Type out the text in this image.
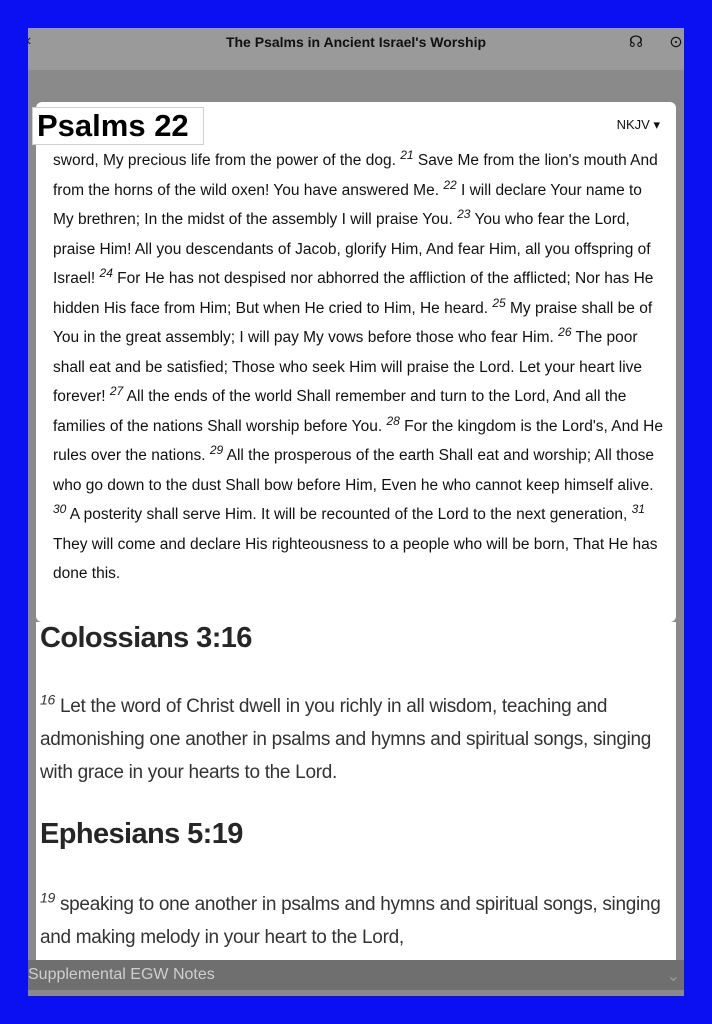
‹	The Psalms in Ancient Israel's Worship	☊ ⊙
Supplemental EGW Notes	⌄
Psalms 22	NKJV ▾
sword, My precious life from the power of the dog. $^{21}$ Save Me from the lion's mouth And from the horns of the wild oxen! You have answered Me. $^{22}$ I will declare Your name to My brethren; In the midst of the assembly I will praise You. $^{23}$ You who fear the Lord, praise Him! All you descendants of Jacob, glorify Him, And fear Him, all you offspring of Israel! $^{24}$ For He has not despised nor abhorred the affliction of the afflicted; Nor has He hidden His face from Him; But when He cried to Him, He heard. $^{25}$ My praise shall be of You in the great assembly; I will pay My vows before those who fear Him. $^{26}$ The poor shall eat and be satisfied; Those who seek Him will praise the Lord. Let your heart live forever! $^{27}$ All the ends of the world Shall remember and turn to the Lord, And all the families of the nations Shall worship before You. $^{28}$ For the kingdom is the Lord's, And He rules over the nations. $^{29}$ All the prosperous of the earth Shall eat and worship; All those who go down to the dust Shall bow before Him, Even he who cannot keep himself alive. $^{30}$ A posterity shall serve Him. It will be recounted of the Lord to the next generation, $^{31}$ They will come and declare His righteousness to a people who will be born, That He has done this.
Colossians 3:16
$^{16}$ Let the word of Christ dwell in you richly in all wisdom, teaching and admonishing one another in psalms and hymns and spiritual songs, singing with grace in your hearts to the Lord.
Ephesians 5:19
$^{19}$ speaking to one another in psalms and hymns and spiritual songs, singing and making melody in your heart to the Lord,
